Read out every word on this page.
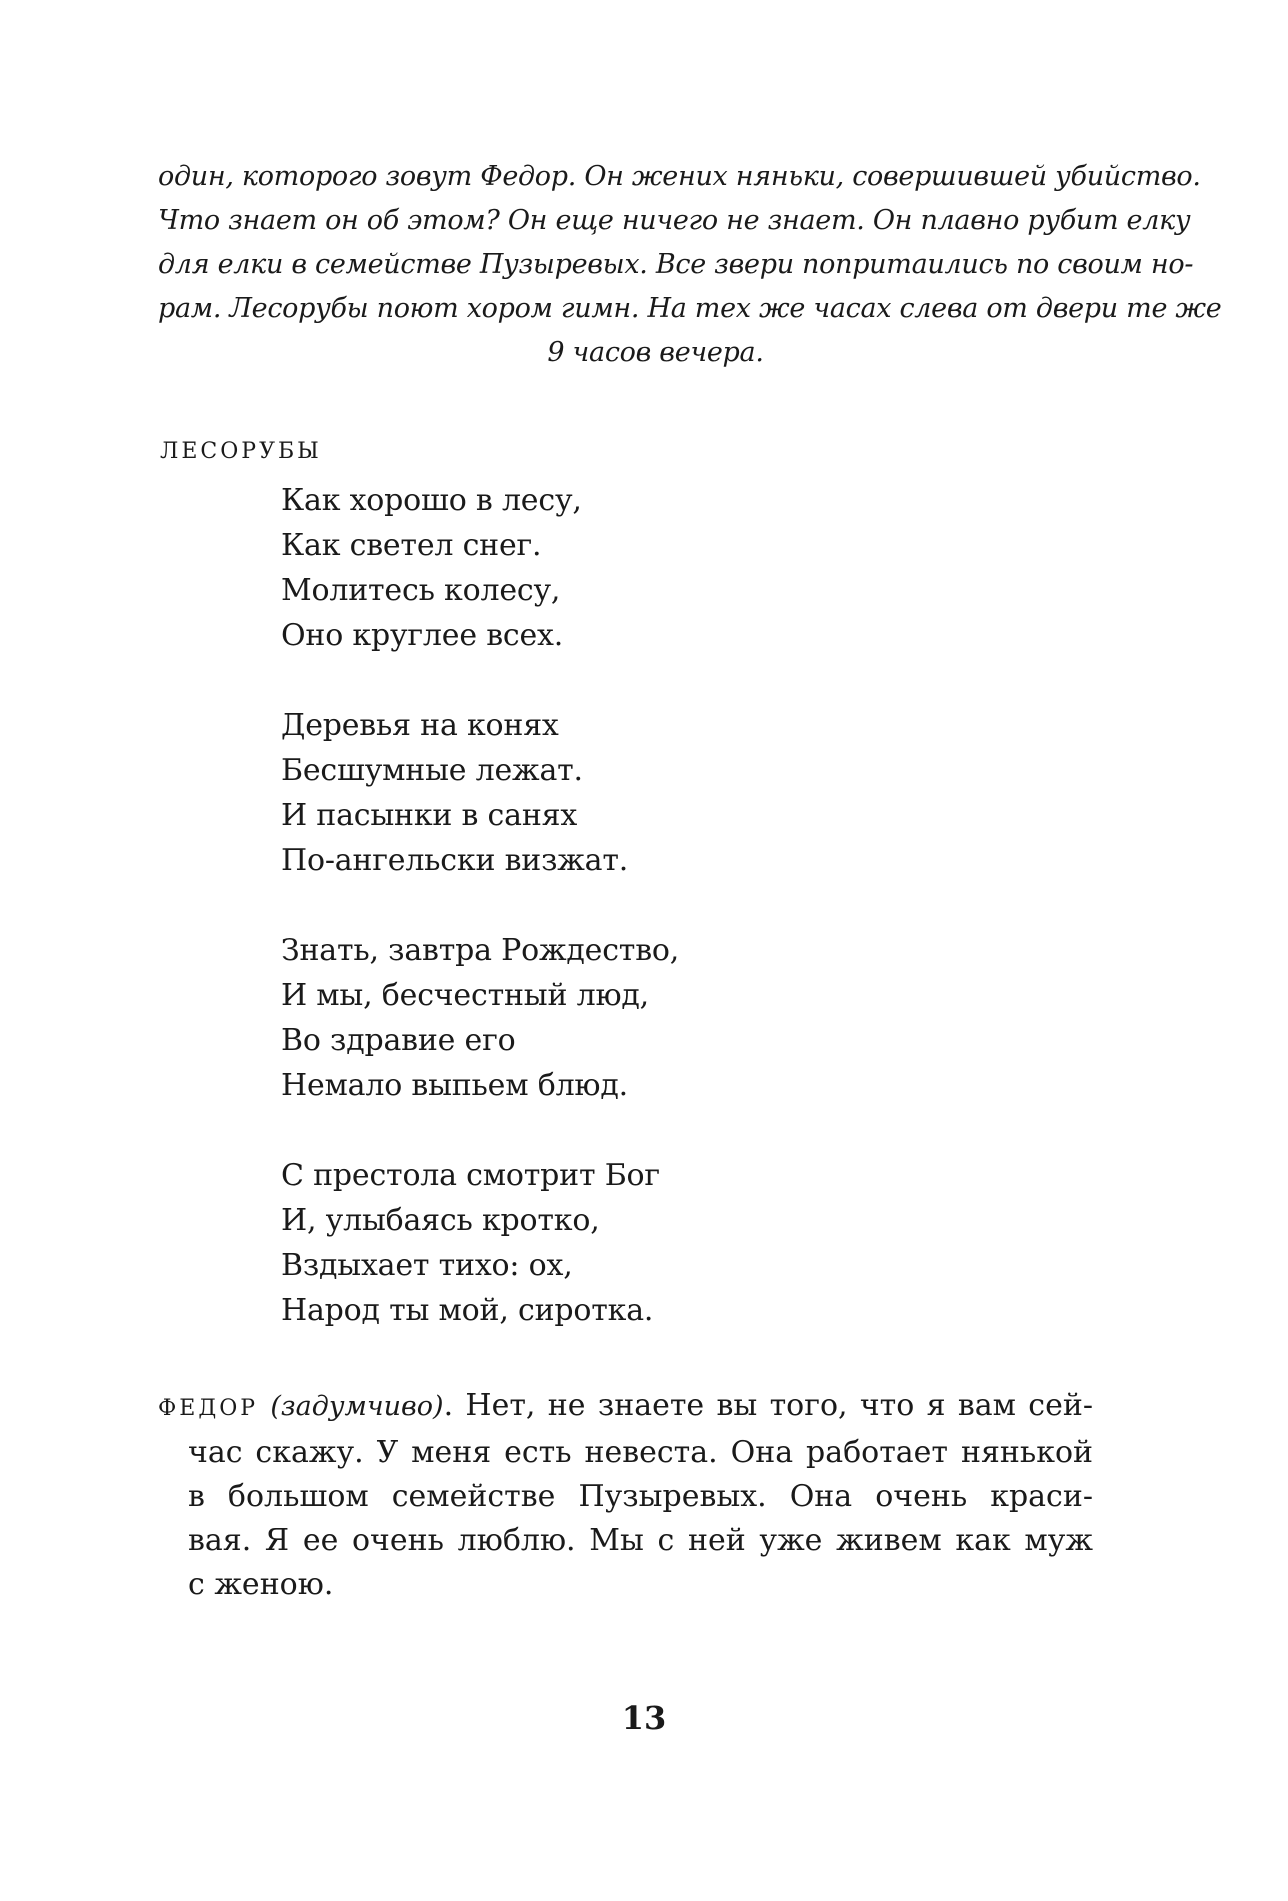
один, которого зовут Федор. Он жених няньки, совершившей убийство.
Что знает он об этом? Он еще ничего не знает. Он плавно рубит елку
для елки в семействе Пузыревых. Все звери попритаились по своим но-
рам. Лесорубы поют хором гимн. На тех же часах слева от двери те же
9 часов вечера.
ЛЕСОРУБЫ
Как хорошо в лесу,
Как светел снег.
Молитесь колесу,
Оно круглее всех.
Деревья на конях
Бесшумные лежат.
И пасынки в санях
По-ангельски визжат.
Знать, завтра Рождество,
И мы, бесчестный люд,
Во здравие его
Немало выпьем блюд.
С престола смотрит Бог
И, улыбаясь кротко,
Вздыхает тихо: ох,
Народ ты мой, сиротка.
ФЕДОР (задумчиво). Нет, не знаете вы того, что я вам сей-
час скажу. У меня есть невеста. Она работает нянькой
в большом семействе Пузыревых. Она очень краси-
вая. Я ее очень люблю. Мы с ней уже живем как муж
с женою.
13
